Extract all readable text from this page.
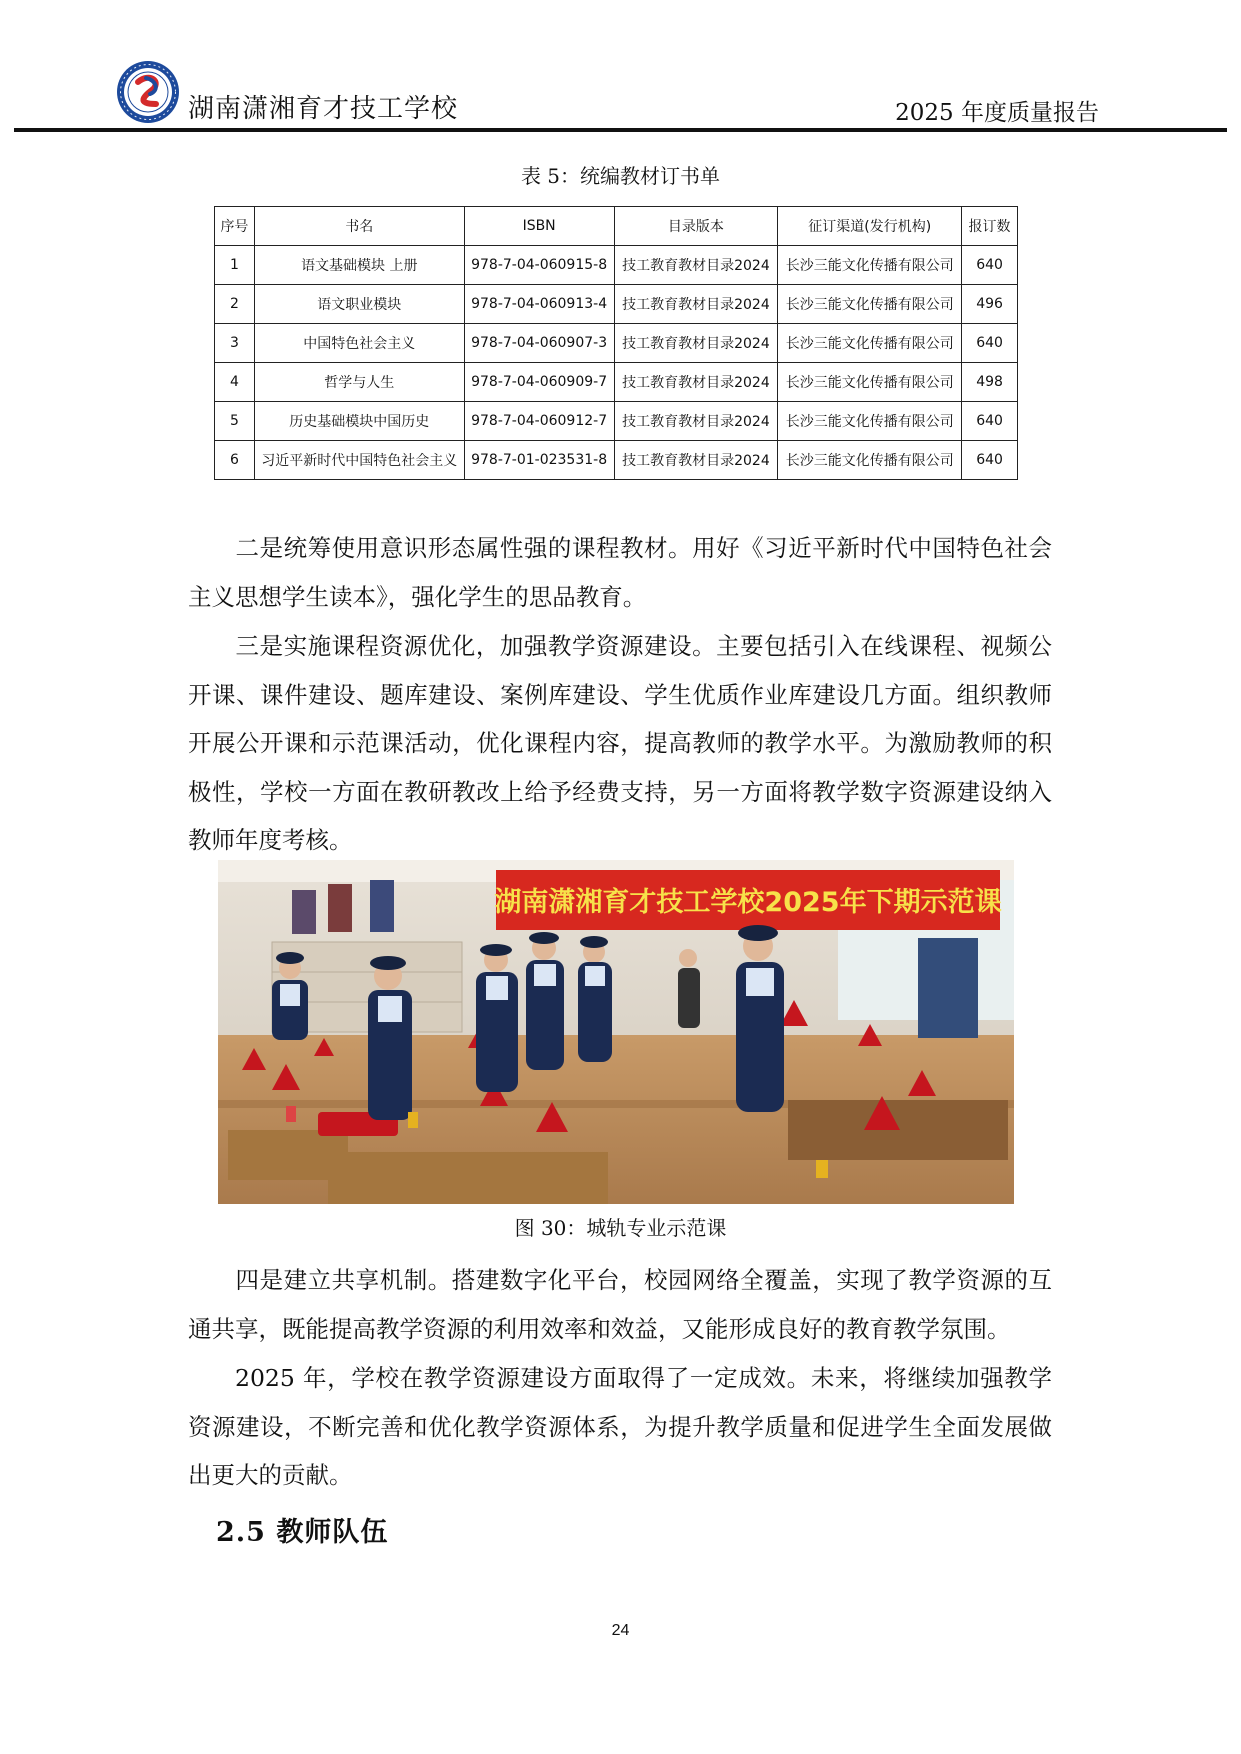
湖南潇湘育才技工学校	2025 年度质量报告
表 5：统编教材订书单
序号	书名	ISBN	目录版本	征订渠道(发行机构)	报订数
1	语文基础模块 上册	978-7-04-060915-8	技工教育教材目录2024	长沙三能文化传播有限公司	640
2	语文职业模块	978-7-04-060913-4	技工教育教材目录2024	长沙三能文化传播有限公司	496
3	中国特色社会主义	978-7-04-060907-3	技工教育教材目录2024	长沙三能文化传播有限公司	640
4	哲学与人生	978-7-04-060909-7	技工教育教材目录2024	长沙三能文化传播有限公司	498
5	历史基础模块中国历史	978-7-04-060912-7	技工教育教材目录2024	长沙三能文化传播有限公司	640
6	习近平新时代中国特色社会主义	978-7-01-023531-8	技工教育教材目录2024	长沙三能文化传播有限公司	640
二是统筹使用意识形态属性强的课程教材。用好《习近平新时代中国特色社会主义思想学生读本》，强化学生的思品教育。
三是实施课程资源优化，加强教学资源建设。主要包括引入在线课程、视频公开课、课件建设、题库建设、案例库建设、学生优质作业库建设几方面。组织教师开展公开课和示范课活动，优化课程内容，提高教师的教学水平。为激励教师的积极性，学校一方面在教研教改上给予经费支持，另一方面将教学数字资源建设纳入教师年度考核。
湖南潇湘育才技工学校2025年下期示范课
图 30：城轨专业示范课
四是建立共享机制。搭建数字化平台，校园网络全覆盖，实现了教学资源的互通共享，既能提高教学资源的利用效率和效益，又能形成良好的教育教学氛围。
2025 年，学校在教学资源建设方面取得了一定成效。未来，将继续加强教学资源建设，不断完善和优化教学资源体系，为提升教学质量和促进学生全面发展做出更大的贡献。
2.5 教师队伍
24
